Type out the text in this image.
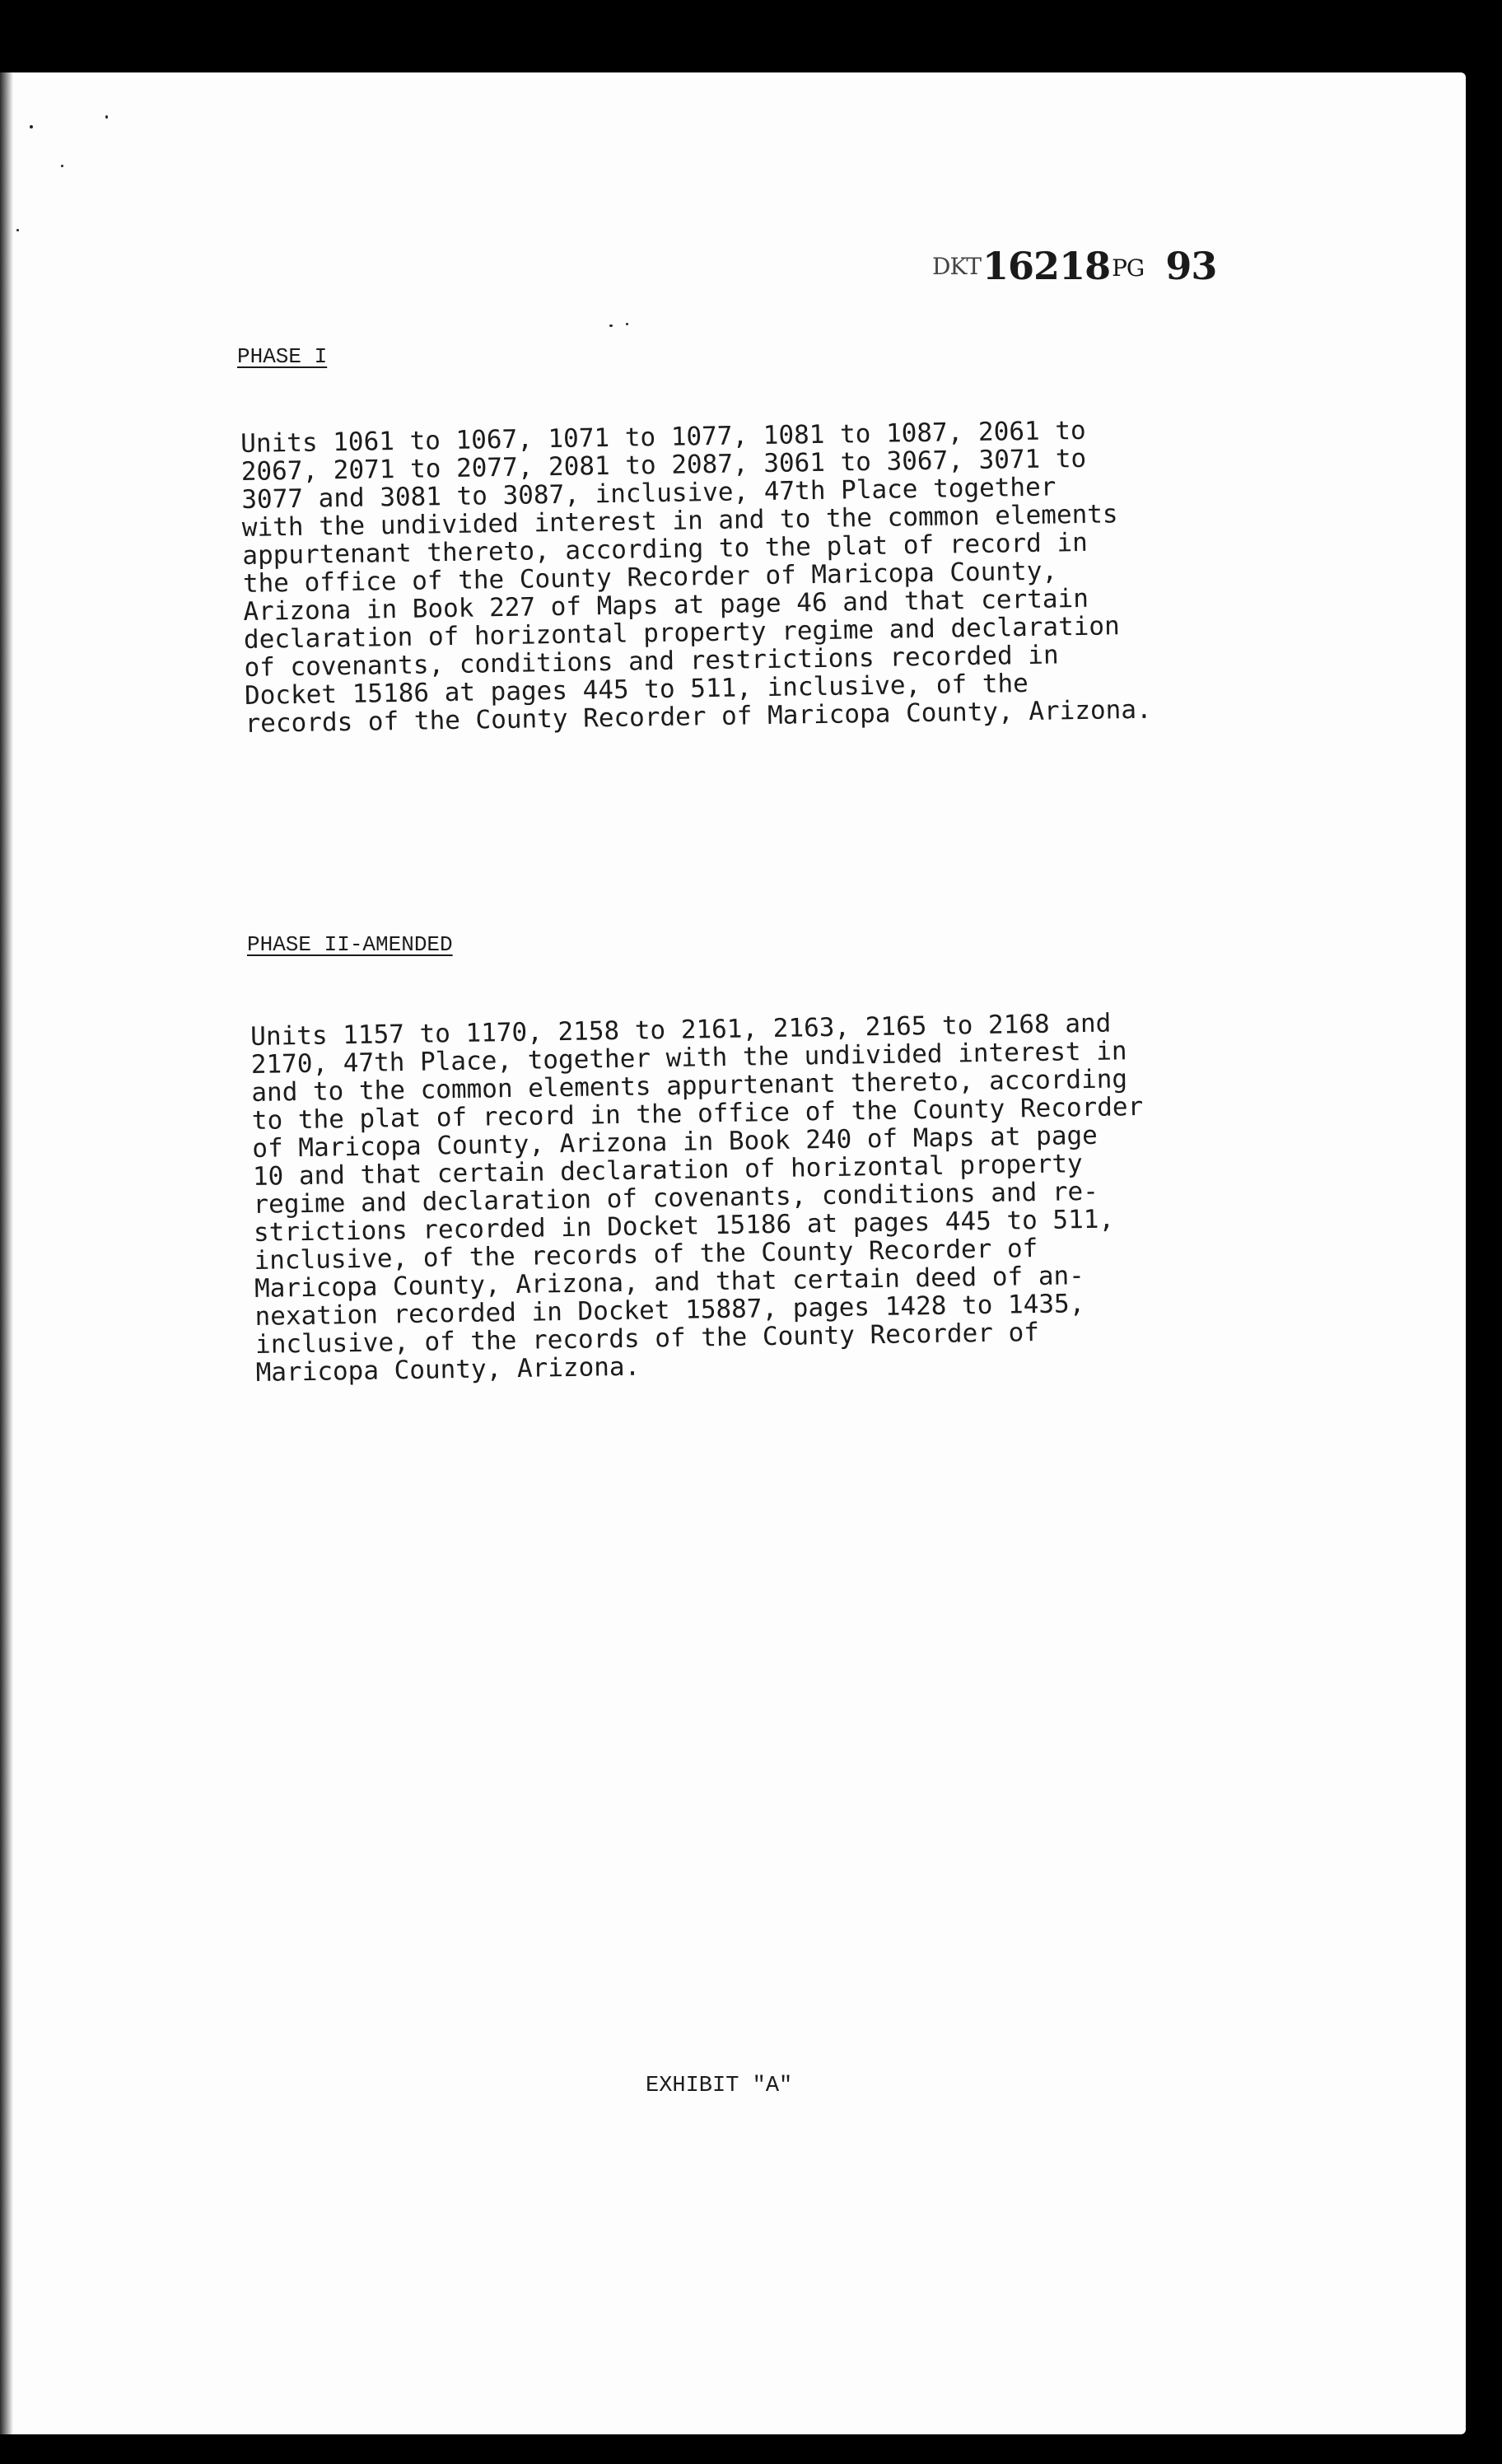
DKT16218PG 93
PHASE I
Units 1061 to 1067, 1071 to 1077, 1081 to 1087, 2061 to
2067, 2071 to 2077, 2081 to 2087, 3061 to 3067, 3071 to
3077 and 3081 to 3087, inclusive, 47th Place together
with the undivided interest in and to the common elements
appurtenant thereto, according to the plat of record in
the office of the County Recorder of Maricopa County,
Arizona in Book 227 of Maps at page 46 and that certain
declaration of horizontal property regime and declaration
of covenants, conditions and restrictions recorded in
Docket 15186 at pages 445 to 511, inclusive, of the
records of the County Recorder of Maricopa County, Arizona.
PHASE II-AMENDED
Units 1157 to 1170, 2158 to 2161, 2163, 2165 to 2168 and
2170, 47th Place, together with the undivided interest in
and to the common elements appurtenant thereto, according
to the plat of record in the office of the County Recorder
of Maricopa County, Arizona in Book 240 of Maps at page
10 and that certain declaration of horizontal property
regime and declaration of covenants, conditions and re-
strictions recorded in Docket 15186 at pages 445 to 511,
inclusive, of the records of the County Recorder of
Maricopa County, Arizona, and that certain deed of an-
nexation recorded in Docket 15887, pages 1428 to 1435,
inclusive, of the records of the County Recorder of
Maricopa County, Arizona.
EXHIBIT "A"
